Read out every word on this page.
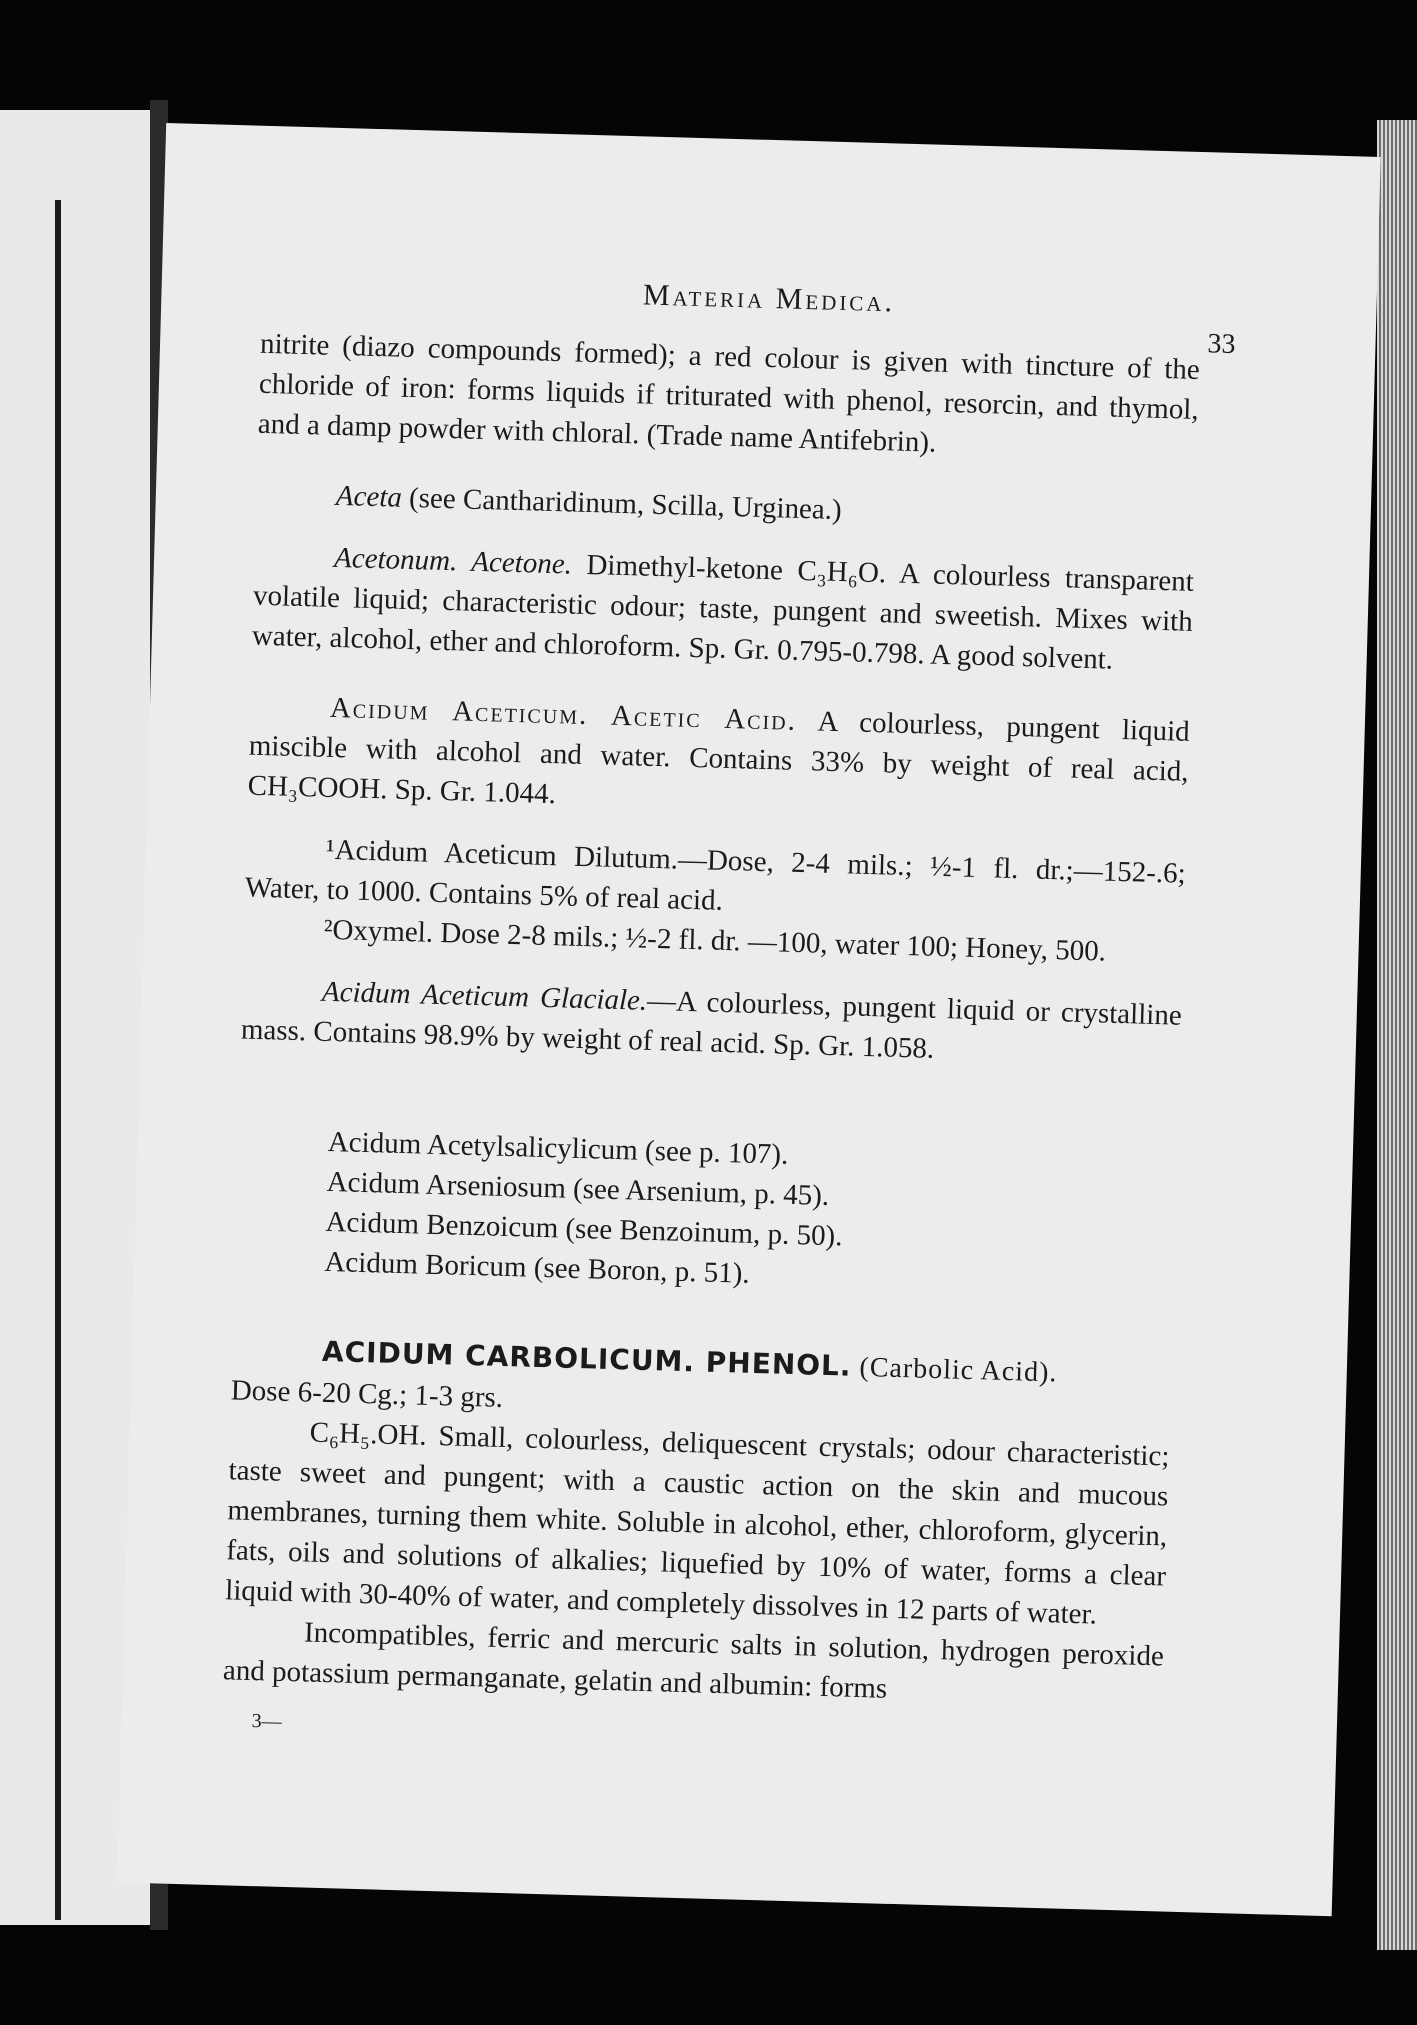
Materia Medica.
33

nitrite (diazo compounds formed); a red colour is given with tincture of the chloride of iron: forms liquids if triturated with phenol, resorcin, and thymol, and a damp powder with chloral. (Trade name Antifebrin).

Aceta (see Cantharidinum, Scilla, Urginea.)

Acetonum. Acetone. Dimethyl-ketone C₃H₆O. A colourless transparent volatile liquid; characteristic odour; taste, pungent and sweetish. Mixes with water, alcohol, ether and chloroform. Sp. Gr. 0.795-0.798. A good solvent.

Acidum Aceticum. Acetic Acid. A colourless, pungent liquid miscible with alcohol and water. Contains 33% by weight of real acid, CH₃COOH. Sp. Gr. 1.044.

¹Acidum Aceticum Dilutum.—Dose, 2-4 mils.; ½-1 fl. dr.;—152-.6; Water, to 1000. Contains 5% of real acid.

²Oxymel. Dose 2-8 mils.; ½-2 fl. dr. —100, water 100; Honey, 500.

Acidum Aceticum Glaciale.—A colourless, pungent liquid or crystalline mass. Contains 98.9% by weight of real acid. Sp. Gr. 1.058.

Acidum Acetylsalicylicum (see p. 107).
Acidum Arseniosum (see Arsenium, p. 45).
Acidum Benzoicum (see Benzoinum, p. 50).
Acidum Boricum (see Boron, p. 51).

ACIDUM CARBOLICUM. PHENOL. (Carbolic Acid).

Dose 6-20 Cg.; 1-3 grs.

C₆H₅.OH. Small, colourless, deliquescent crystals; odour characteristic; taste sweet and pungent; with a caustic action on the skin and mucous membranes, turning them white. Soluble in alcohol, ether, chloroform, glycerin, fats, oils and solutions of alkalies; liquefied by 10% of water, forms a clear liquid with 30-40% of water, and completely dissolves in 12 parts of water.

Incompatibles, ferric and mercuric salts in solution, hydrogen peroxide and potassium permanganate, gelatin and albumin: forms

3—
